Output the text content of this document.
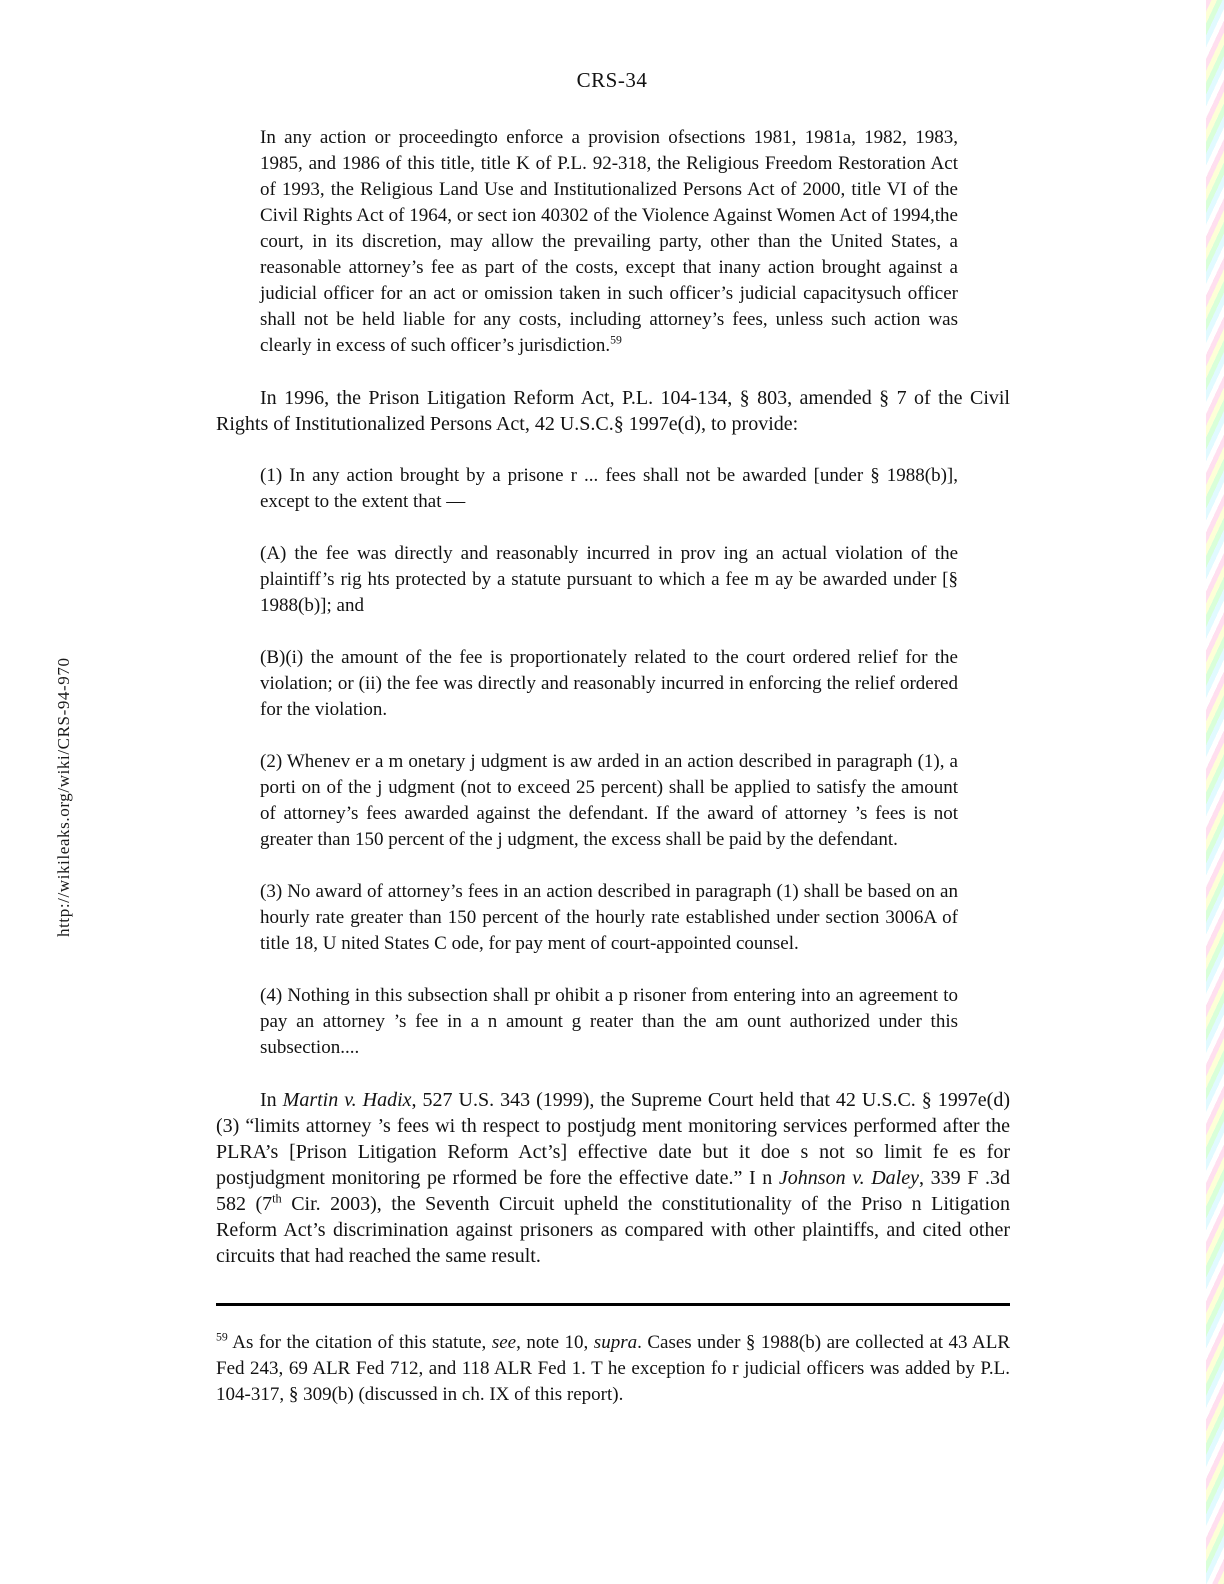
http://wikileaks.org/wiki/CRS-94-970
CRS-34

In any action or proceedingto enforce a provision ofsections 1981, 1981a, 1982, 1983, 1985, and 1986 of this title, title K of P.L. 92-318, the Religious Freedom Restoration Act of 1993, the Religious Land Use and Institutionalized Persons Act of 2000, title VI of the Civil Rights Act of 1964, or sect ion 40302 of the Violence Against Women Act of 1994,the court, in its discretion, may allow the prevailing party, other than the United States, a reasonable attorney’s fee as part of the costs, except that inany action brought against a judicial officer for an act or omission taken in such officer’s judicial capacitysuch officer shall not be held liable for any costs, including attorney’s fees, unless such action was clearly in excess of such officer’s jurisdiction.$^{59}$

In 1996, the Prison Litigation Reform Act, P.L. 104-134, § 803, amended § 7 of the Civil Rights of Institutionalized Persons Act, 42 U.S.C.§ 1997e(d), to provide:

(1) In any action brought by a prisone r ... fees shall not be awarded [under § 1988(b)], except to the extent that —

(A) the fee was directly and reasonably incurred in prov ing an actual violation of the plaintiff’s rig hts protected by a statute pursuant to which a fee m ay be awarded under [§ 1988(b)]; and

(B)(i) the amount of the fee is proportionately related to the court ordered relief for the violation; or (ii) the fee was directly and reasonably incurred in enforcing the relief ordered for the violation.

(2) Whenev er a m onetary j udgment is aw arded in an action described in paragraph (1), a porti on of the j udgment (not to exceed 25 percent) shall be applied to satisfy the amount of attorney’s fees awarded against the defendant. If the award of attorney ’s fees is not greater than 150 percent of the j udgment, the excess shall be paid by the defendant.

(3) No award of attorney’s fees in an action described in paragraph (1) shall be based on an hourly rate greater than 150 percent of the hourly rate established under section 3006A of title 18, U nited States C ode, for pay ment of court-appointed counsel.

(4) Nothing in this subsection shall pr ohibit a p risoner from entering into an agreement to pay an attorney ’s fee in a n amount g reater than the am ount authorized under this subsection....

In Martin v. Hadix, 527 U.S. 343 (1999), the Supreme Court held that 42 U.S.C. § 1997e(d)(3) “limits attorney ’s fees wi th respect to postjudg ment monitoring services performed after the PLRA’s [Prison Litigation Reform Act’s] effective date but it doe s not so limit fe es for postjudgment monitoring pe rformed be fore the effective date.” I n Johnson v. Daley, 339 F .3d 582 (7th Cir. 2003), the Seventh Circuit upheld the constitutionality of the Priso n Litigation Reform Act’s discrimination against prisoners as compared with other plaintiffs, and cited other circuits that had reached the same result.

$^{59}$ As for the citation of this statute, see, note 10, supra. Cases under § 1988(b) are collected at 43 ALR Fed 243, 69 ALR Fed 712, and 118 ALR Fed 1. T he exception fo r judicial officers was added by P.L. 104-317, § 309(b) (discussed in ch. IX of this report).
